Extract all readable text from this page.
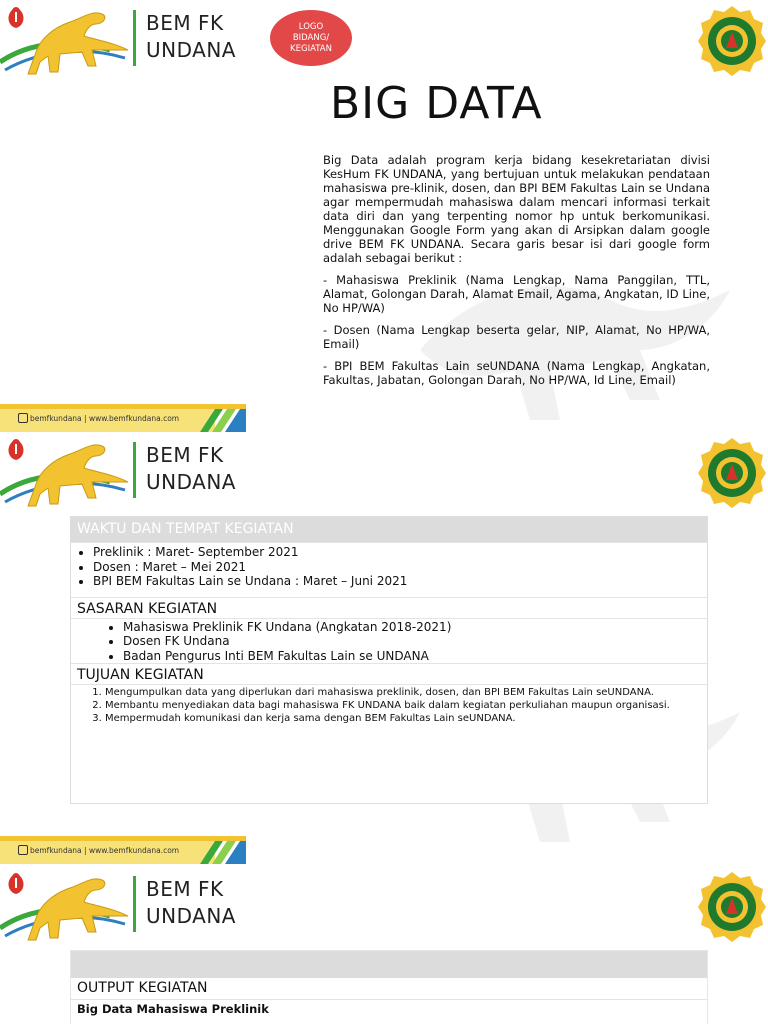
BEM FK
UNDANA
LOGO
BIDANG/
KEGIATAN
BIG DATA

Big Data adalah program kerja bidang kesekretariatan divisi KesHum FK UNDANA, yang bertujuan untuk melakukan pendataan mahasiswa pre-klinik, dosen, dan BPI BEM Fakultas Lain se Undana agar mempermudah mahasiswa dalam mencari informasi terkait data diri dan yang terpenting nomor hp untuk berkomunikasi. Menggunakan Google Form yang akan di Arsipkan dalam google drive BEM FK UNDANA. Secara garis besar isi dari google form adalah sebagai berikut :

- Mahasiswa Preklinik (Nama Lengkap, Nama Panggilan, TTL, Alamat, Golongan Darah, Alamat Email, Agama, Angkatan, ID Line, No HP/WA)

- Dosen (Nama Lengkap beserta gelar, NIP, Alamat, No HP/WA, Email)

- BPI BEM Fakultas Lain seUNDANA (Nama Lengkap, Angkatan, Fakultas, Jabatan, Golongan Darah, No HP/WA, Id Line, Email)

bemfkundana | www.bemfkundana.com
BEM FK
UNDANA
WAKTU DAN TEMPAT KEGIATAN
• Preklinik : Maret- September 2021
• Dosen : Maret – Mei 2021
• BPI BEM Fakultas Lain se Undana : Maret – Juni 2021
SASARAN KEGIATAN
• Mahasiswa Preklinik FK Undana (Angkatan 2018-2021)
• Dosen FK Undana
• Badan Pengurus Inti BEM Fakultas Lain se UNDANA
TUJUAN KEGIATAN
1. Mengumpulkan data yang diperlukan dari mahasiswa preklinik, dosen, dan BPI BEM Fakultas Lain seUNDANA.
2. Membantu menyediakan data bagi mahasiswa FK UNDANA baik dalam kegiatan perkuliahan maupun organisasi.
3. Mempermudah komunikasi dan kerja sama dengan BEM Fakultas Lain seUNDANA.
bemfkundana | www.bemfkundana.com
BEM FK
UNDANA
OUTPUT KEGIATAN
Big Data Mahasiswa Preklinik
